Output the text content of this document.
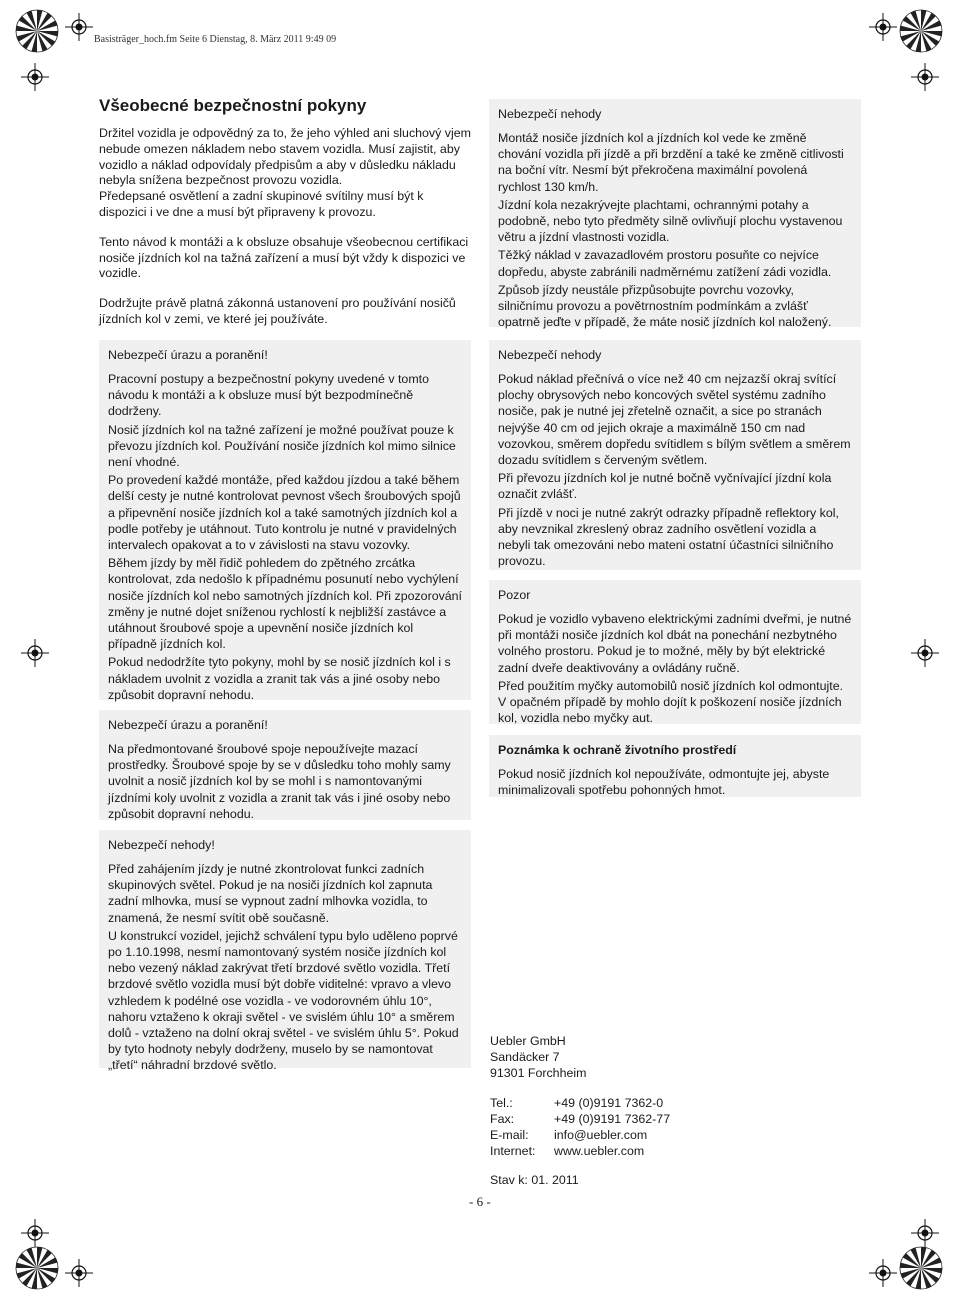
Basisträger_hoch.fm Seite 6 Dienstag, 8. März 2011 9:49 09
Všeobecné bezpečnostní pokyny

Držitel vozidla je odpovědný za to, že jeho výhled ani sluchový vjem nebude omezen nákladem nebo stavem vozidla. Musí zajistit, aby vozidlo a náklad odpovídaly předpisům a aby v důsledku nákladu nebyla snížena bezpečnost provozu vozidla.

Předepsané osvětlení a zadní skupinové svítilny musí být k dispozici i ve dne a musí být připraveny k provozu.

Tento návod k montáži a k obsluze obsahuje všeobecnou certifikaci nosiče jízdních kol na tažná zařízení a musí být vždy k dispozici ve vozidle.

Dodržujte právě platná zákonná ustanovení pro používání nosičů jízdních kol v zemi, ve které jej používáte.

Nebezpečí nehody

Montáž nosiče jízdních kol a jízdních kol vede ke změně chování vozidla při jízdě a při brzdění a také ke změně citlivosti na boční vítr. Nesmí být překročena maximální povolená rychlost 130 km/h.

Jízdní kola nezakrývejte plachtami, ochrannými potahy a podobně, nebo tyto předměty silně ovlivňují plochu vystavenou větru a jízdní vlastnosti vozidla.

Těžký náklad v zavazadlovém prostoru posuňte co nejvíce dopředu, abyste zabránili nadměrnému zatížení zádi vozidla.

Způsob jízdy neustále přizpůsobujte povrchu vozovky, silničnímu provozu a povětrnostním podmínkám a zvlášť opatrně jeďte v případě, že máte nosič jízdních kol naložený.

Nebezpečí úrazu a poranění!

Pracovní postupy a bezpečnostní pokyny uvedené v tomto návodu k montáži a k obsluze musí být bezpodmínečně dodrženy.

Nosič jízdních kol na tažné zařízení je možné používat pouze k převozu jízdních kol. Používání nosiče jízdních kol mimo silnice není vhodné.

Po provedení každé montáže, před každou jízdou a také během delší cesty je nutné kontrolovat pevnost všech šroubových spojů a připevnění nosiče jízdních kol a také samotných jízdních kol a podle potřeby je utáhnout. Tuto kontrolu je nutné v pravidelných intervalech opakovat a to v závislosti na stavu vozovky.

Během jízdy by měl řidič pohledem do zpětného zrcátka kontrolovat, zda nedošlo k případnému posunutí nebo vychýlení nosiče jízdních kol nebo samotných jízdních kol. Při zpozorování změny je nutné dojet sníženou rychlostí k nejbližší zastávce a utáhnout šroubové spoje a upevnění nosiče jízdních kol případně jízdních kol.

Pokud nedodržíte tyto pokyny, mohl by se nosič jízdních kol i s nákladem uvolnit z vozidla a zranit tak vás a jiné osoby nebo způsobit dopravní nehodu.

Nebezpečí nehody

Pokud náklad přečnívá o více než 40 cm nejzazší okraj svítící plochy obrysových nebo koncových světel systému zadního nosiče, pak je nutné jej zřetelně označit, a sice po stranách nejvýše 40 cm od jejich okraje a maximálně 150 cm nad vozovkou, směrem dopředu svítidlem s bílým světlem a směrem dozadu svítidlem s červeným světlem.

Při převozu jízdních kol je nutné bočně vyčnívající jízdní kola označit zvlášť.

Při jízdě v noci je nutné zakrýt odrazky případně reflektory kol, aby nevznikal zkreslený obraz zadního osvětlení vozidla a nebyli tak omezováni nebo mateni ostatní účastníci silničního provozu.

Pozor

Pokud je vozidlo vybaveno elektrickými zadními dveřmi, je nutné při montáži nosiče jízdních kol dbát na ponechání nezbytného volného prostoru. Pokud je to možné, měly by být elektrické zadní dveře deaktivovány a ovládány ručně.

Před použitím myčky automobilů nosič jízdních kol odmontujte. V opačném případě by mohlo dojít k poškození nosiče jízdních kol, vozidla nebo myčky aut.

Nebezpečí úrazu a poranění!

Na předmontované šroubové spoje nepoužívejte mazací prostředky. Šroubové spoje by se v důsledku toho mohly samy uvolnit a nosič jízdních kol by se mohl i s namontovanými jízdními koly uvolnit z vozidla a zranit tak vás i jiné osoby nebo způsobit dopravní nehodu.

Poznámka k ochraně životního prostředí

Pokud nosič jízdních kol nepoužíváte, odmontujte jej, abyste minimalizovali spotřebu pohonných hmot.

Nebezpečí nehody!

Před zahájením jízdy je nutné zkontrolovat funkci zadních skupinových světel. Pokud je na nosiči jízdních kol zapnuta zadní mlhovka, musí se vypnout zadní mlhovka vozidla, to znamená, že nesmí svítit obě současně.

U konstrukcí vozidel, jejichž schválení typu bylo uděleno poprvé po 1.10.1998, nesmí namontovaný systém nosiče jízdních kol nebo vezený náklad zakrývat třetí brzdové světlo vozidla. Třetí brzdové světlo vozidla musí být dobře viditelné: vpravo a vlevo vzhledem k podélné ose vozidla - ve vodorovném úhlu 10°, nahoru vztaženo k okraji světel - ve svislém úhlu 10° a směrem dolů - vztaženo na dolní okraj světel - ve svislém úhlu 5°. Pokud by tyto hodnoty nebyly dodrženy, muselo by se namontovat „třetí“ náhradní brzdové světlo.

Uebler GmbH
Sandäcker 7
91301 Forchheim
Tel.:	+49 (0)9191 7362-0
Fax:	+49 (0)9191 7362-77
E-mail:	info@uebler.com
Internet:	www.uebler.com
Stav k: 01. 2011
- 6 -
